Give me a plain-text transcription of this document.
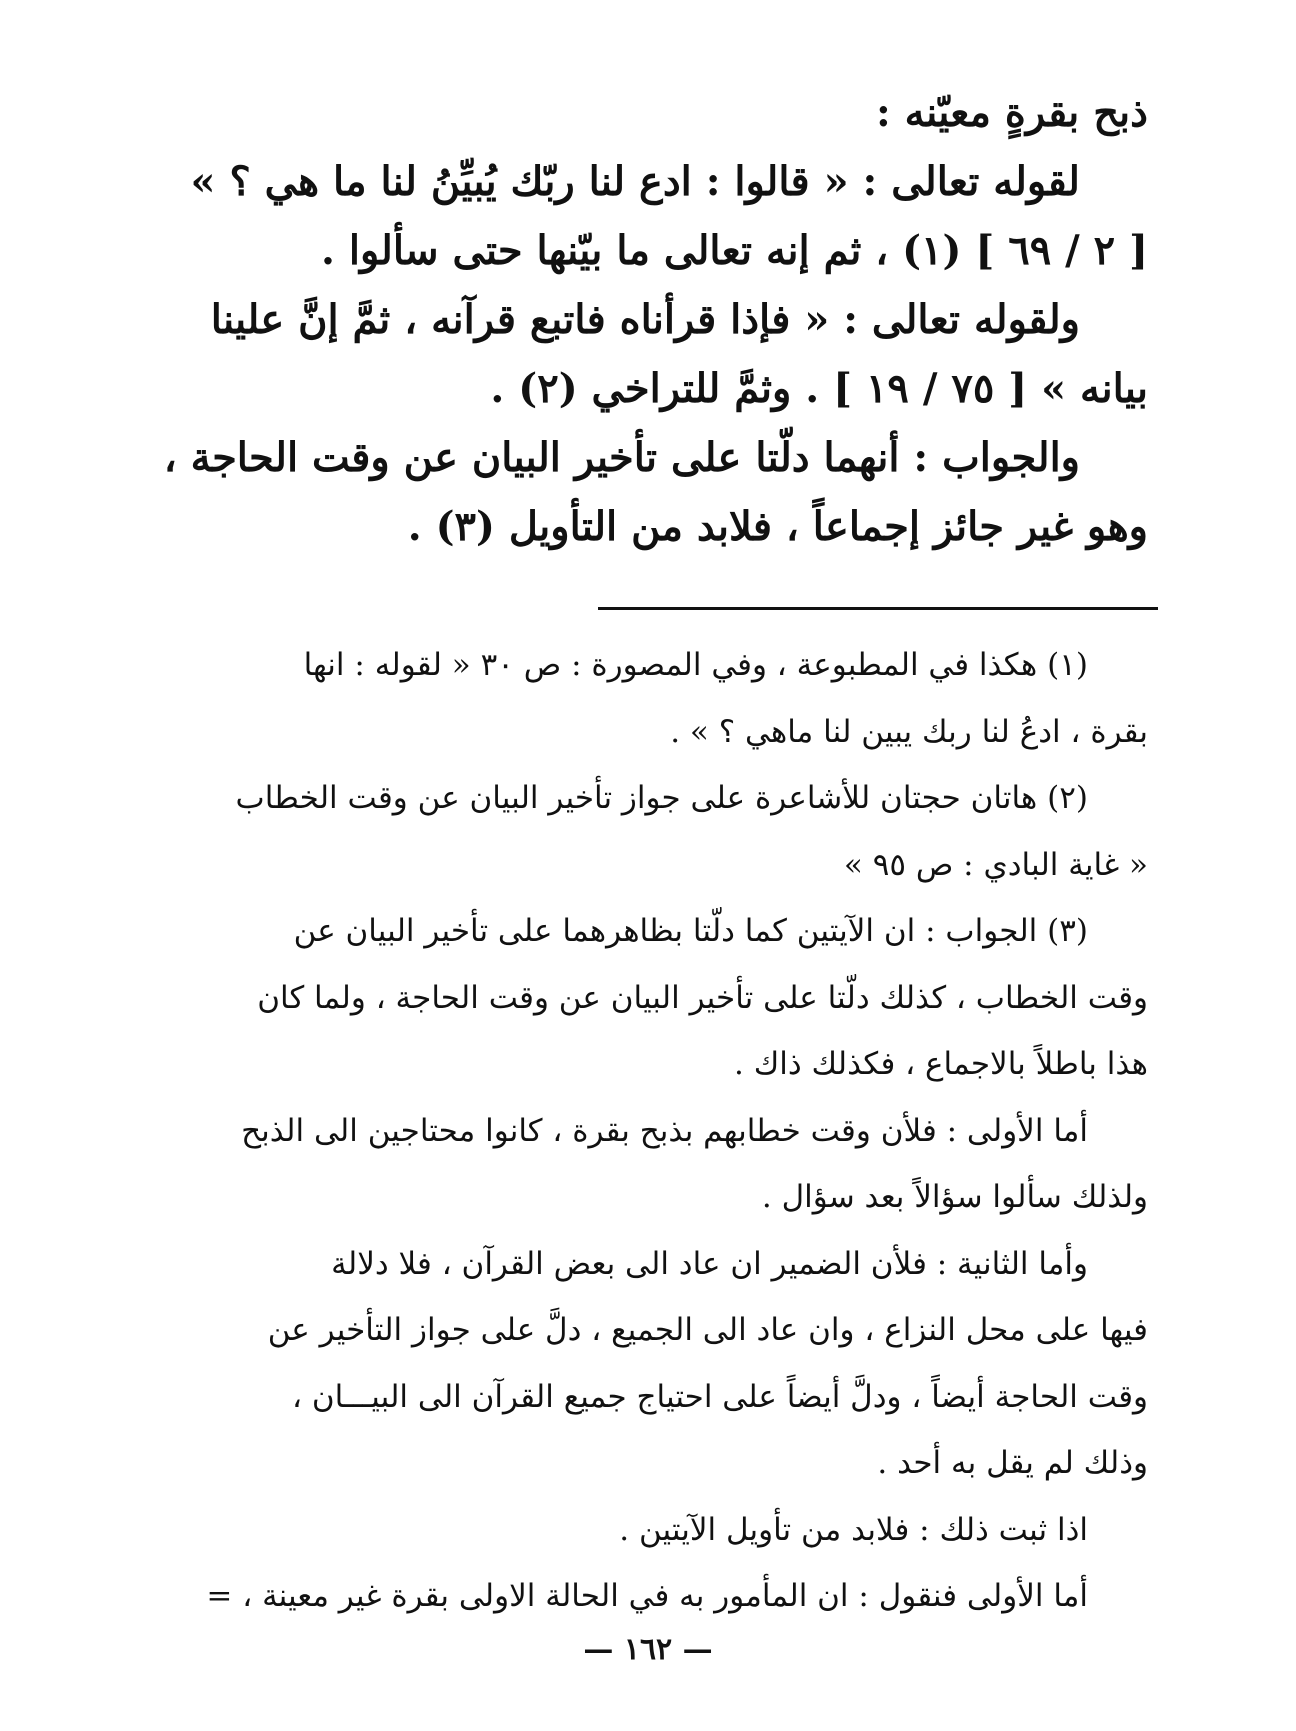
ذبح بقرةٍ معيّنه :
لقوله تعالى : « قالوا : ادع لنا ربّك يُبيِّنُ لنا ما هي ؟ »
[ ٢ / ٦٩ ] (١) ، ثم إنه تعالى ما بيّنها حتى سألوا .
ولقوله تعالى : « فإذا قرأناه فاتبع قرآنه ، ثمَّ إنَّ علينا
بيانه » [ ٧٥ / ١٩ ] . وثمَّ للتراخي (٢) .
والجواب : أنهما دلّتا على تأخير البيان عن وقت الحاجة ،
وهو غير جائز إجماعاً ، فلابد من التأويل (٣) .
(١) هكذا في المطبوعة ، وفي المصورة : ص ٣٠ « لقوله : انها
بقرة ، ادعُ لنا ربك يبين لنا ماهي ؟ » .
(٢) هاتان حجتان للأشاعرة على جواز تأخير البيان عن وقت الخطاب
« غاية البادي : ص ٩٥ »
(٣) الجواب : ان الآيتين كما دلّتا بظاهرهما على تأخير البيان عن
وقت الخطاب ، كذلك دلّتا على تأخير البيان عن وقت الحاجة ، ولما كان
هذا باطلاً بالاجماع ، فكذلك ذاك .
أما الأولى : فلأن وقت خطابهم بذبح بقرة ، كانوا محتاجين الى الذبح
ولذلك سألوا سؤالاً بعد سؤال .
وأما الثانية : فلأن الضمير ان عاد الى بعض القرآن ، فلا دلالة
فيها على محل النزاع ، وان عاد الى الجميع ، دلَّ على جواز التأخير عن
وقت الحاجة أيضاً ، ودلَّ أيضاً على احتياج جميع القرآن الى البيـــان ،
وذلك لم يقل به أحد .
اذا ثبت ذلك : فلابد من تأويل الآيتين .
أما الأولى فنقول : ان المأمور به في الحالة الاولى بقرة غير معينة ، =
— ١٦٢ —
